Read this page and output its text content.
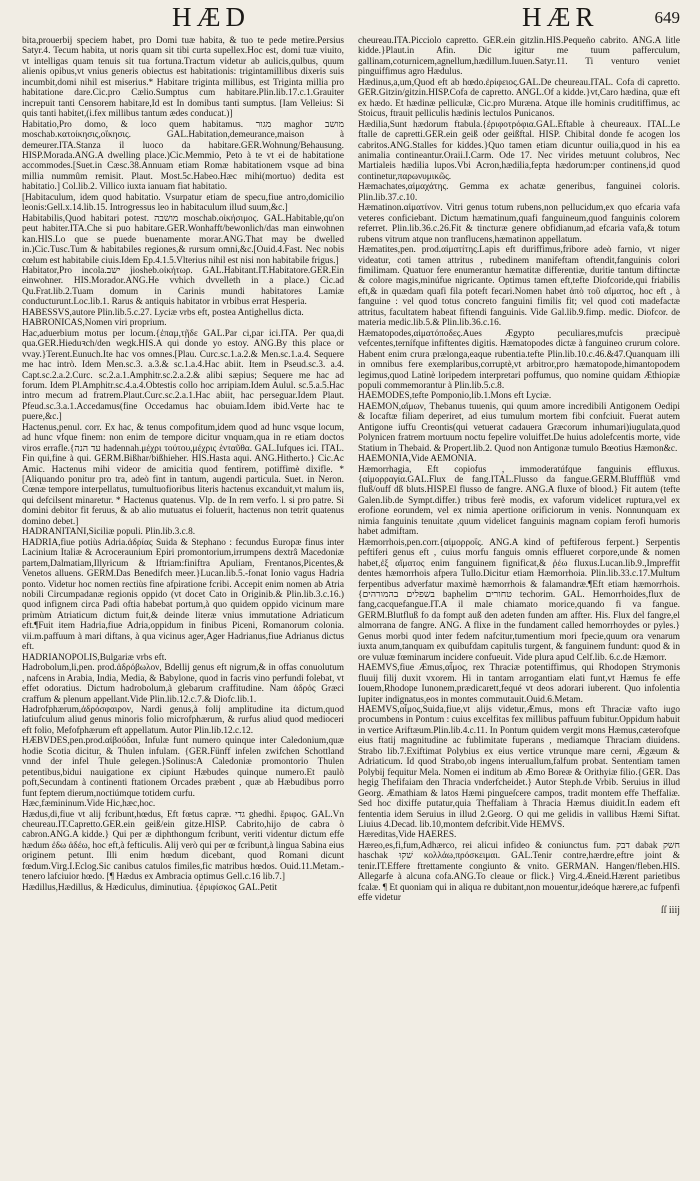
HÆD	HÆR	649

bita,prouerbij speciem habet, pro Domi tuæ habita, & tuo te pede metire.Persius Satyr.4. Tecum habita, ut noris quam sit tibi curta supellex.Hoc est, domi tuæ viuito, vt intelligas quam tenuis sit tua fortuna.Tractum videtur ab aulicis,qulbus, quum alienis opibus,vt vnius generis obiectus est habitationis: trigintamillibus dixeris suis incumbit,domi nihil est miserius.* Habitare triginta millibus, est Triginta millia pro habitatione dare.Cic.pro Cælio.Sumptus cum habitare.Plin.lib.17.c.1.Grauiter increpuit tanti Censorem habitare,Id est In domibus tanti sumptus. [Iam Velleius: Si quis tanti habitet,(i.fex millibus tantum ædes conducat.)]

Habitatio,Pro domo, & loco quem habitamus. ​מגור maghor ​מושב moschab.κατοίκησις,οἴκησις. GAL.Habitation,demeurance,maison à demeurer.ITA.Stanza il luoco da habitare.GER.Wohnung/Behausung. HISP.Morada.ANG.A dwelling place.)Cic.Memmio, Peto à te vt ei de habitatione accommodes.[Suet.in Cæsc.38.Annuam etiam Romæ habitationem vsque ad bina millia nummûm remisit. Plaut. Most.5c.Habeo.Hæc mihi(mortuo) dedita est habitatio.] Col.lib.2. Villico iuxta ianuam fiat habitatio.

[Habitaculum, idem quod habitatio. Vsurpatur etiam de specu,fiue antro,domicilio leonis:Gell.x.14.lib.15. Introgressus leo in habitaculum illud suum,&c.]

Habitabilis,Quod habitari potest. ​מושבה moschab.οἰκήσιμος. GAL.Habitable,qu'on peut habiter.ITA.Che si puo habitare.GER.Wonhafft/bewonlich/das man einwohnen kan.HIS.Lo que se puede buenamente morar.ANG.That may be dwelled in.)Cic.Tusc.Tum & habitabiles regiones,& rursum omni,&c.[Ouid.4.Fast. Nec nobis cœlum est habitabile ciuis.Idem Ep.4.1.5.Vlterius nihil est nisi non habitabile frigus.]

Habitator,Pro incola.​ישב jiosheb.οἰκήτωρ. GAL.Habitant.IT.Habitatore.GER.Ein einwohner. HIS.Morador.ANG.He vvhich dvvelleth in a place.) Cic.ad Qu.Frat.lib.2.Tuam domum in Carinis mundi habitatores Lamiæ conducturunt.Loc.lib.1. Rarus & antiquis habitator in vrbibus errat Hesperia.

HABESSVS,autore Plin.lib.5.c.27. Lyciæ vrbs eft, postea Antighellus dicta.

HABRONICAS,Nomen viri proprium.

Hac,aduerbium motus per locum.{ἐπαμ,τῇδε GAL.Par ci,par ici.ITA. Per qua,di qua.GER.Hieduꝛch/den wegk.HIS.A qui donde yo estoy. ANG.By this place or vvay.}Terent.Eunuch.Ite hac vos omnes.[Plau. Curc.sc.1.a.2.& Men.sc.1.a.4. Sequere me hac intrò. Idem Men.sc.3. a.3.& sc.1.a.4.Hac abiit. Item in Pseud.sc.3. a.4. Capt.sc.2.a.2.Curc. sc.2.a.1.Amphitr.sc.2.a.2.& alibi sæpius; Sequere me hac ad forum. Idem Pl.Amphitr.sc.4.a.4.Obtestis collo hoc arripiam.Idem Aulul. sc.5.a.5.Hac intro mecum ad fratrem.Plaut.Curc.sc.2.a.1.Hac abiit, hac perseguar.Idem Plaut. Pfeud.sc.3.a.1.Accedamus(fine Occedamus hac obuiam.Idem ibid.Verte hac te puere,&c.]

Hactenus,penul. corr. Ex hac, & tenus compofitum,idem quod ad hunc vsque locum, ad hunc vfque finem: non enim de tempore dicitur vnquam,qua in re etiam doctos viros errafle.{עד הנה hadennah.μέχρι τούτου,μέχρις ἐνταῦθα. GAL.Iufques ici. ITAL. Fin qui,fine à qui. GERM.Bißhar/bißhieher. HIS.Hasta aqui. ANG.Hitherto.} Cic.Ac Amic. Hactenus mihi videor de amicitia quod fentirem, potiffimè dixifle. * [Aliquando ponitur pro tra, adeò fint in tantum, augendi particula. Suet. in Neron. Cœnæ tempore interpellatus, tumultuofioribus literis hactenus excanduit,vt malum iis, qui defcilsent minaretur. * Hactenus quatenus. Vlp. de In rem verfo. l. si pro patre. Si domini debitor fit feruus, & ab alio mutuatus ei foluerit, hactenus non tetrit quatenus domino debet.]

HADRANITANI,Siciliæ populi. Plin.lib.3.c.8.

HADRIA,fiue potiùs Adria.ἀδρίας Suida & Stephano : fecundus Europæ finus inter Lacinium Italiæ & Acroceraunium Epiri promontorium,irrumpens dextrâ Macedoniæ partem,Dalmatiam,Illyricum & Iftriam:finiftra Apuliam, Frentanos,Picentes,& Venetos alluens. GERM.Das Benedifch meer.}Lucan.lib.5.-fonat Ionio vagus Hadria ponto. Videtur hoc nomen rectiùs fine afpiratione fcribi. Accepit enim nomen ab Atria nobili Circumpadanæ regionis oppido (vt docet Cato in Originib.& Plin.lib.3.c.16.) quod infignem circa Padi oftia habebat portum,à quo quidem oppido vicinum mare primùm Atriaticum dictum fuit,& deinde literæ vnius immutatione Adriaticum eft.¶Fuit item Hadria,fiue Adria,oppidum in finibus Piceni, Romanorum colonia. vii.m.paffuum à mari diftans, à qua vicinus ager,Ager Hadrianus,fiue Adrianus dictus eft.

HADRIANOPOLIS,Bulgariæ vrbs eft.

Hadrobolum,li,pen. prod.ἀδρόβωλον, Bdellij genus eft nigrum,& in offas conuolutum , nafcens in Arabia, India, Media, & Babylone, quod in facris vino perfundi folebat, vt effet odoratius. Dictum hadrobolum,à glebarum craffitudine. Nam ἀδρός Græci craffum & plenum appellant.Vide Plin.lib.12.c.7.& Diofc.lib.1.

Hadrofphærum,ἀδρόσφαιρον, Nardi genus,à folij amplitudine ita dictum,quod latiufculum aliud genus minoris folio microfphærum, & rurfus aliud quod medioceri eft folio, Mefofphærum eft appellatum. Autor Plin.lib.12.c.12.

HÆBVDES,pen.prod.αἰβούδαι, Infulæ funt numero quinque inter Caledonium,quæ hodie Scotia dicitur, & Thulen infulam. {GER.Fünff infelen zwifchen Schottland vnnd der infel Thule gelegen.}Solinus:A Caledoniæ promontorio Thulen petentibus,bidui nauigatione ex cipiunt Hæbudes quinque numero.Et paulò poft,Secundam à continenti ftationem Orcades præbent , quæ ab Hæbudibus porro funt feptem dierum,noctiúmque totidem curfu.

Hæc,fæmininum.Vide Hic,hæc,hoc.

Hædus,di,fiue vt alij fcribunt,hœdus, Eft fœtus capræ. ​גדי ghedhi. ἔριφος. GAL.Vn cheureau.IT.Capretto.GER.ein geiß/ein gitze.HISP. Cabrito,hijo de cabra ò cabron.ANG.A kidde.} Qui per æ diphthongum fcribunt, veriti videntur dictum effe hædum ​ἐδω ἀδέω, hoc eft,à fefticulis. Alij verò qui per œ fcribunt,à lingua Sabina eius originem petunt. Illi enim hœdum dicebant, quod Romani dicunt fœdum.Virg.I.Eclog.Sic canibus catulos fimiles,fic matribus hœdos. Ouid.11.Metam.-tenero lafciuior hœdo. [¶ Hædus ex Ambracia optimus Gell.c.16 lib.7.]

Hædillus,Hædillus, & Hædiculus, diminutiua. {ἐριφίσκος GAL.Petit

cheureau.ITA.Picciolo capretto. GER.ein gitzlin.HIS.Pequeño cabrito. ANG.A litle kidde.}Plaut.in Afin. Dic igitur me tuum pafferculum, gallinam,coturnicem,agnellum,hædillum.Iuuen.Satyr.11. Ti venturo veniet pinguiffimus agro Hædulus.

Hædinus,a,um,Quod eft ab hœdo.ἐρίφειος.GAL.De cheureau.ITAL. Cofa di capretto. GER.Gitzin/gitzin.HISP.Cofa de capretto. ANGL.Of a kidde.}vt,Caro hædina, quæ eft ex hædo. Et hædinæ pelliculæ, Cic.pro Muræna. Atque ille hominis cruditiffimus, ac Stoicus, ftrauit pelliculis hædinis lectulos Punicanos.

Hædilia,Sunt hædorum ftabula.{ἐριφοτρόφια.GAL.Eftable à cheureaux. ITAL.Le ftalle de capretti.GER.ein geiß oder geißftal. HISP. Chibital donde fe acogen los cabritos.ANG.Stalles for kiddes.}Quo tamen etiam dicuntur ouilia,quod in his ea animalia contineantur.Oraii.I.Carm. Ode 17. Nec virides metuunt colubros, Nec Martialeis hædilia lupos.Vbi Acron,hædilia,fepta hædorum:per continens,id quod continetur,παρωνυμικῶς.

Hæmachates,αἱμαχάτης. Gemma ex achatæ generibus, fanguinei coloris. Plin.lib.37.c.10.

Hæmatinon.αἱματίνον. Vitri genus totum rubens,non pellucidum,ex quo efcaria vafa veteres conficiebant. Dictum hæmatinum,quafi fanguineum,quod fanguinis colorem referret. Plin.lib.36.c.26.Fit & tincturæ genere obfidianum,ad efcaria vafa,& totum rubens vitrum atque non tranflucens,hæmatinon appellatum.

Hæmatites,pen. prod.αἱματίτης.Lapis eft duriffimus,fribore adeò farnio, vt niger videatur, coti tamen attritus , rubedinem manifeftam oftendit,fanguinis colori fimilimam. Quatuor fere enumerantur hæmatitæ differentiæ, duritie tantum diftinctæ & colore magis,minúfue nigricante. Optimus tamen eft,tefte Diofcoride,qui friabilis eft,& in quædam quafi fila poteft fecari.Nomen habet ​ἀπὸ τοῦ αἵματος, hoc eft , à fanguine : vel quod totus concreto fanguini fimilis fit; vel quod coti madefactæ attritus, facultatem habeat fiftendi fanguinis. Vide Gal.lib.9.fimp. medic. Diofcor. de materia medic.lib.5.& Plin.lib.36.c.16.

Hæmatopodes,αἱματόποδες.Aues Ægypto peculiares,mufcis præcipuè vefcentes,ternífque infiftentes digitis. Hæmatopodes dictæ à fanguineo crurum colore. Habent enim crura prælonga,eaque rubentia.tefte Plin.lib.10.c.46.&47.Quanquam illi in omnibus fere exemplaribus,corruptè,vt arbitror,pro hæmatopode,himantopodem legimus,quod Latinè loripedem interpretari poffumus, quo nomine quidam Æthiopiæ populi commemorantur à Plin.lib.5.c.8.

HAEMODES,tefte Pomponio,lib.1.Mons eft Lyciæ.

HAEMON,αἵμων, Thebanus tuuenis, qui quum amore incredibili Antigonem Oedipi & Iocaftæ filiam deperiret, ad eius tumulum mortem fibi confciuit. Fuerat autem Antigone iuffu Creontis(qui vetuerat cadauera Græcorum inhumari)iugulata,quod Polynicen fratrem mortuum noctu fepelire voluiffet.De huius adolefcentis morte, vide Statium in Thebaid. & Propert.lib.2. Quod non Antigonæ tumulo Bœotius Hæmon&c.

HAEMONIA,Vide AEMONIA.

Hæmorrhagia, Eft copiofus , immoderatúfque fanguinis effluxus. {αἱμορραγία.GAL.Flux de fang.ITAL.Flusso da fangue.GERM.Bluffflüß vmd fluß/ouff dß bluts.HISP.El flusso de fangre. ANG.A fluxe of blood.} Fit autem (tefte Galen.lib.de Sympt.differ.) tribus ferè modis, ex vaforum videlicet ruptura,vel ex erofione eorundem, vel ex nimia apertione orificiorum in venis. Nonnunquam ex nimia fanguinis tenuitate ,quum videlicet fanguinis magnam copiam ferofi humoris habet admiftam.

Hæmorrhois,pen.corr.{αἱμορροΐς. ANG.A kind of peftiferous ferpent.} Serpentis peftiferi genus eft , cuius morfu fanguis omnis efflueret corpore,unde & nomen habet,ἐξ αἵματος enim fanguinem fignificat,& ῥέω fluxus.Lucan.lib.9.,Impreffit dentes hæmorrhois afpera Tullo.Dicitur etiam Hæmorrhoia. Plin.lib.33.c.17.Multum ferpentibus adverfatur maximè hæmorrhois & falamandræ.¶Eft etiam hæmorrhois. {בשפלים בהמורהים baphelim ​טחורים techorim. GAL. Hemorrhoides,flux de fang,cacquefangue.IT.A il male chiamato morice,quando fi va fangue. GERM.Blutfluß fo da fompt auß den adeten funden am affter. His. Flux del fangre,el almorrana de fangre. ANG. A flixe in the fundament called hemorrhoydes or pyles.} Genus morbi quod inter fedem nafcitur,tumentium mori fpecie,quum ora venarum iuxta anum,tanquam ex quibufdam capitulis turgent, & fanguinem fundunt: quod & in ore vuluæ fœminarum incidere confueuit. Vide plura apud Celf.lib. 6.c.de Hæmorr.

HAEMVS,fiue Æmus,αἷμος, rex Thraciæ potentiffimus, qui Rhodopen Strymonis fluuij filij duxit vxorem. Hi in tantam arrogantiam elati funt,vt Hæmus fe effe Iouem,Rhodope Iunonem,prædicarett,fequé vt deos adorari iuberent. Quo infolentia Iupiter indignatus,eos in montes commutauit.Ouid.6.Metam.

HAEMVS,αἷμος,Suida,fiue,vt alijs videtur,Æmus, mons eft Thraciæ vafto iugo procumbens in Pontum : cuius excelfitas fex millibus paffuum fubitur.Oppidum habuit in vertice Ariftæum.Plin.lib.4.c.11. In Pontum quidem vergit mons Hæmus,cæterofque eius ftatij magnitudine ac fublimitate fuperans , mediamque Thraciam diuidens. Strabo lib.7.Exiftimat Polybius ex eius vertice vtrunque mare cerni, Ægæum & Adriaticum. Id quod Strabo,ob ingens interuallum,falfum probat. Sententiam tamen Polybij fequitur Mela. Nomen ei inditum ab Æmo Boreæ & Orithyiæ filio.{GER. Das hegig Thefifaiam den Thracia vnderfcheidet.} Autor Steph.de Vrbib. Seruius in illud Georg. Æmathiam & latos Hæmi pingueſcere campos, tradit montem effe Theffaliæ. Sed hoc dixiffe putatur,quia Theffaliam à Thracia Hæmus diuidit.In eadem eft fententia idem Seruius in illud 2.Georg. O qui me gelidis in vallibus Hæmi Siftat. Liuius 4.Decad. lib.10,montem defcribit.Vide HEMVS.

Hæreditas,Vide HAERES.

Hæreo,es,fi,fum,Adhærco, rei alicui infideo & coniunctus fum. ​דבק dabak ​חשק haschak ​שׁקוּ κολλάω,πρόσκειμαι. GAL.Tenir contre,hærdre,eftre joint & tenir.IT.Effere ftrettamente congiunto & vnito. GERMAN. Hangen/fleben.HIS. Allegarfe à alcuna cofa.ANG.To cleaue or flick.} Virg.4.Æneid.Hærent parietibus fcalæ. ¶ Et quoniam qui in aliqua re dubitant,non mouentur,ideóque hærere,ac fufpenfi effe videtur

ſſ iiij
